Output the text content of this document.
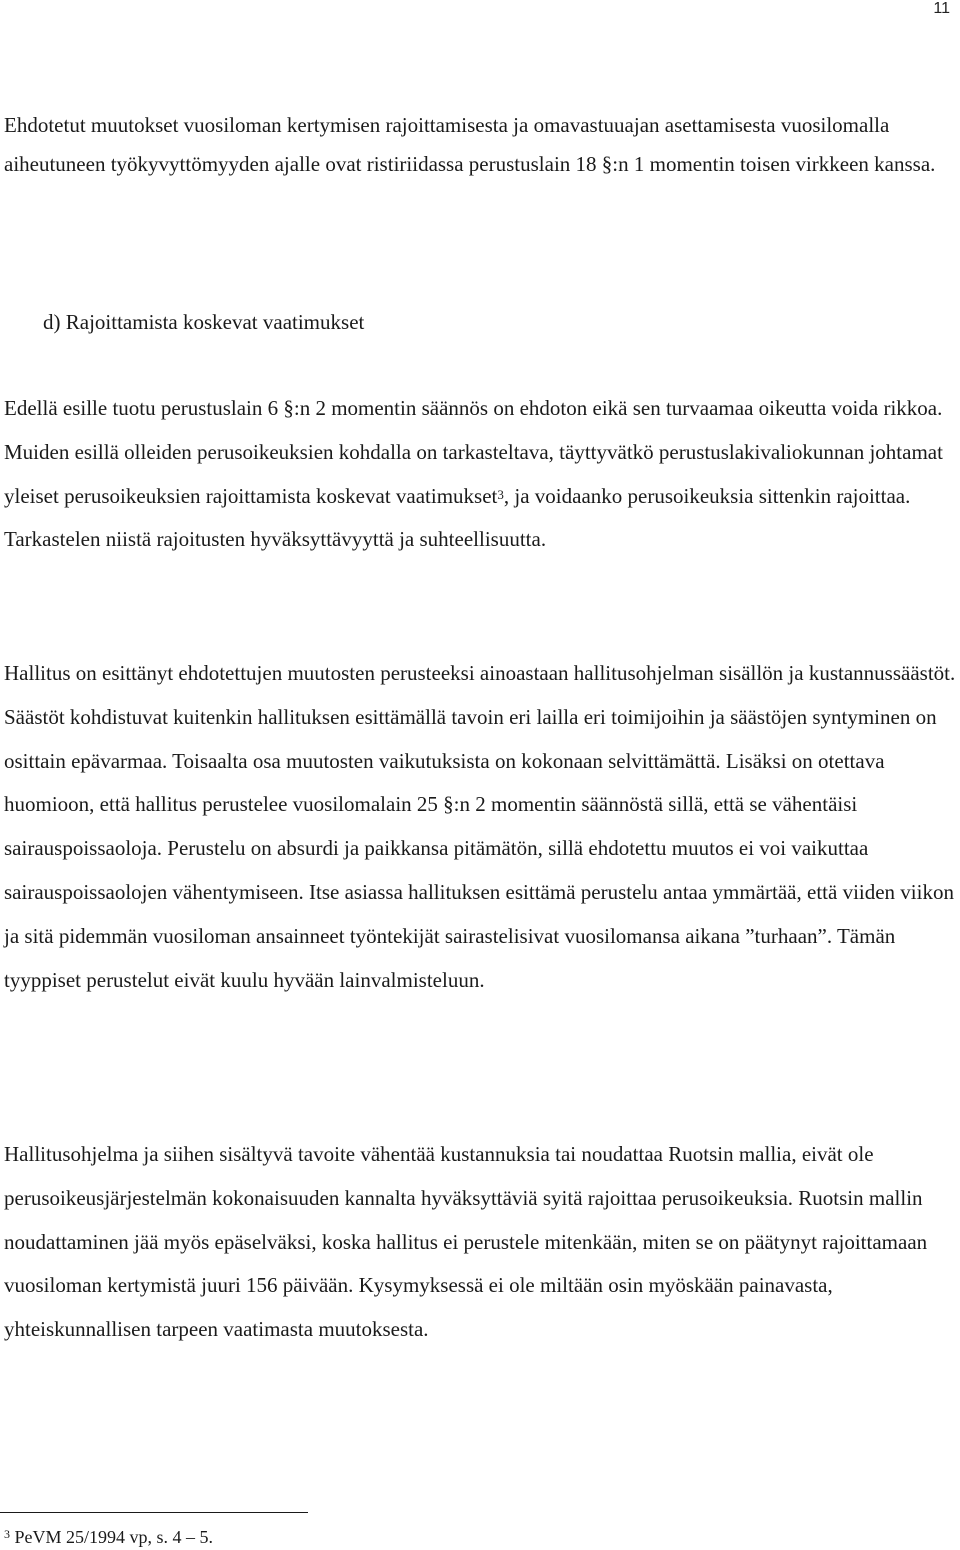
11

Ehdotetut muutokset vuosiloman kertymisen rajoittamisesta ja omavastuuajan asettamisesta vuosilomalla aiheutuneen työkyvyttömyyden ajalle ovat ristiriidassa perustuslain 18 §:n 1 momentin toisen virkkeen kanssa.

d) Rajoittamista koskevat vaatimukset

Edellä esille tuotu perustuslain 6 §:n 2 momentin säännös on ehdoton eikä sen turvaamaa oikeutta voida rikkoa. Muiden esillä olleiden perusoikeuksien kohdalla on tarkasteltava, täyttyvätkö perustuslakivaliokunnan johtamat yleiset perusoikeuksien rajoittamista koskevat vaatimukset$^3$, ja voidaanko perusoikeuksia sittenkin rajoittaa. Tarkastelen niistä rajoitusten hyväksyttävyyttä ja suhteellisuutta.

Hallitus on esittänyt ehdotettujen muutosten perusteeksi ainoastaan hallitusohjelman sisällön ja kustannussäästöt. Säästöt kohdistuvat kuitenkin hallituksen esittämällä tavoin eri lailla eri toimijoihin ja säästöjen syntyminen on osittain epävarmaa. Toisaalta osa muutosten vaikutuksista on kokonaan selvittämättä. Lisäksi on otettava huomioon, että hallitus perustelee vuosilomalain 25 §:n 2 momentin säännöstä sillä, että se vähentäisi sairauspoissaoloja. Perustelu on absurdi ja paikkansa pitämätön, sillä ehdotettu muutos ei voi vaikuttaa sairauspoissaolojen vähentymiseen. Itse asiassa hallituksen esittämä perustelu antaa ymmärtää, että viiden viikon ja sitä pidemmän vuosiloman ansainneet työntekijät sairastelisivat vuosilomansa aikana ”turhaan”. Tämän tyyppiset perustelut eivät kuulu hyvään lainvalmisteluun.

Hallitusohjelma ja siihen sisältyvä tavoite vähentää kustannuksia tai noudattaa Ruotsin mallia, eivät ole perusoikeusjärjestelmän kokonaisuuden kannalta hyväksyttäviä syitä rajoittaa perusoikeuksia. Ruotsin mallin noudattaminen jää myös epäselväksi, koska hallitus ei perustele mitenkään, miten se on päätynyt rajoittamaan vuosiloman kertymistä juuri 156 päivään. Kysymyksessä ei ole miltään osin myöskään painavasta, yhteiskunnallisen tarpeen vaatimasta muutoksesta.

$^3$ PeVM 25/1994 vp, s. 4 – 5.
